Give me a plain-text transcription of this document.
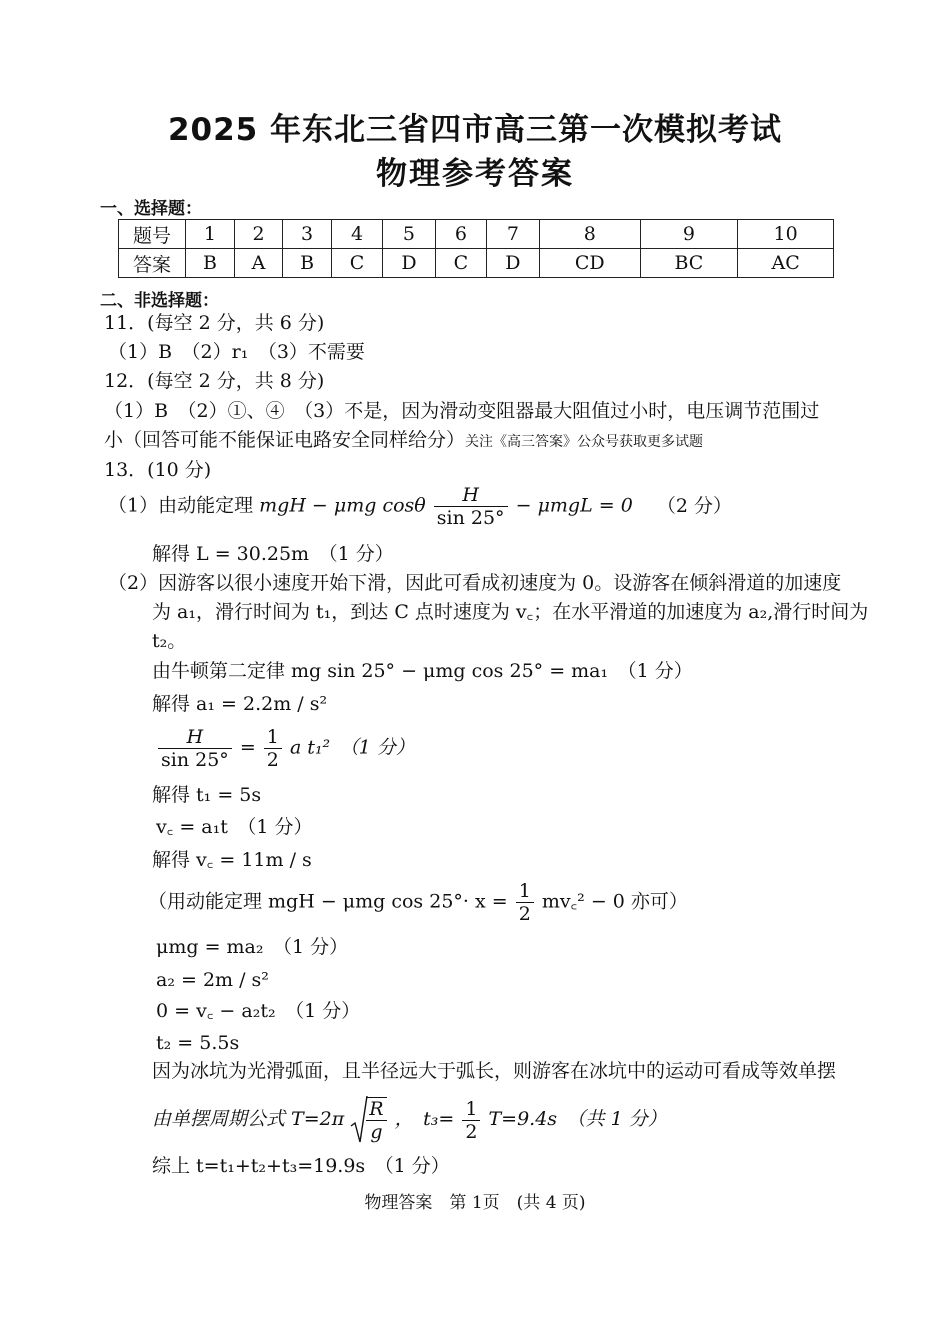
2025 年东北三省四市高三第一次模拟考试
物理参考答案
一、选择题：
题号	1	2	3	4	5	6	7	8	9	10
答案	B	A	B	C	D	C	D	CD	BC	AC
二、非选择题：
11．(每空 2 分，共 6 分)
（1）B　（2）r₁　（3）不需要
12．(每空 2 分，共 8 分)
（1）B　（2）①、④　（3）不是，因为滑动变阻器最大阻值过小时，电压调节范围过
小（回答可能不能保证电路安全同样给分）关注《高三答案》公众号获取更多试题
13．(10 分)
（1）由动能定理 mgH − μmg cosθ $\frac{H}{\sin 25^\circ} - \mu mgL = 0$ （2 分）
解得 L = 30.25m　（1 分）
（2）因游客以很小速度开始下滑，因此可看成初速度为 0。设游客在倾斜滑道的加速度
为 a₁，滑行时间为 t₁，到达 C 点时速度为 v꜀；在水平滑道的加速度为 a₂,滑行时间为
t₂。
由牛顿第二定律 mg sin 25° − μmg cos 25° = ma₁　（1 分）
解得 a₁ = 2.2m / s²
$\frac{H}{\sin 25^\circ} = \frac{1}{2}$ a t₁²　（1 分）
解得 t₁ = 5s
v꜀ = a₁t　（1 分）
解得 v꜀ = 11m / s
（用动能定理 mgH − μmg $\cos 25^\circ\cdot x = \frac{1}{2}$ mv꜀² − 0 亦可）
μmg = ma₂　（1 分）
a₂ = 2m / s²
0 = v꜀ − a₂t₂　（1 分）
t₂ = 5.5s
因为冰坑为光滑弧面，且半径远大于弧长，则游客在冰坑中的运动可看成等效单摆
由单摆周期公式 $T=2\pi \frac{R}{g}$ ，　$t_3= \frac{1}{2} T=9.4s$　（共 1 分）
综上 t=t₁+t₂+t₃=19.9s　（1 分）
物理答案　第 1页　(共 4 页)
